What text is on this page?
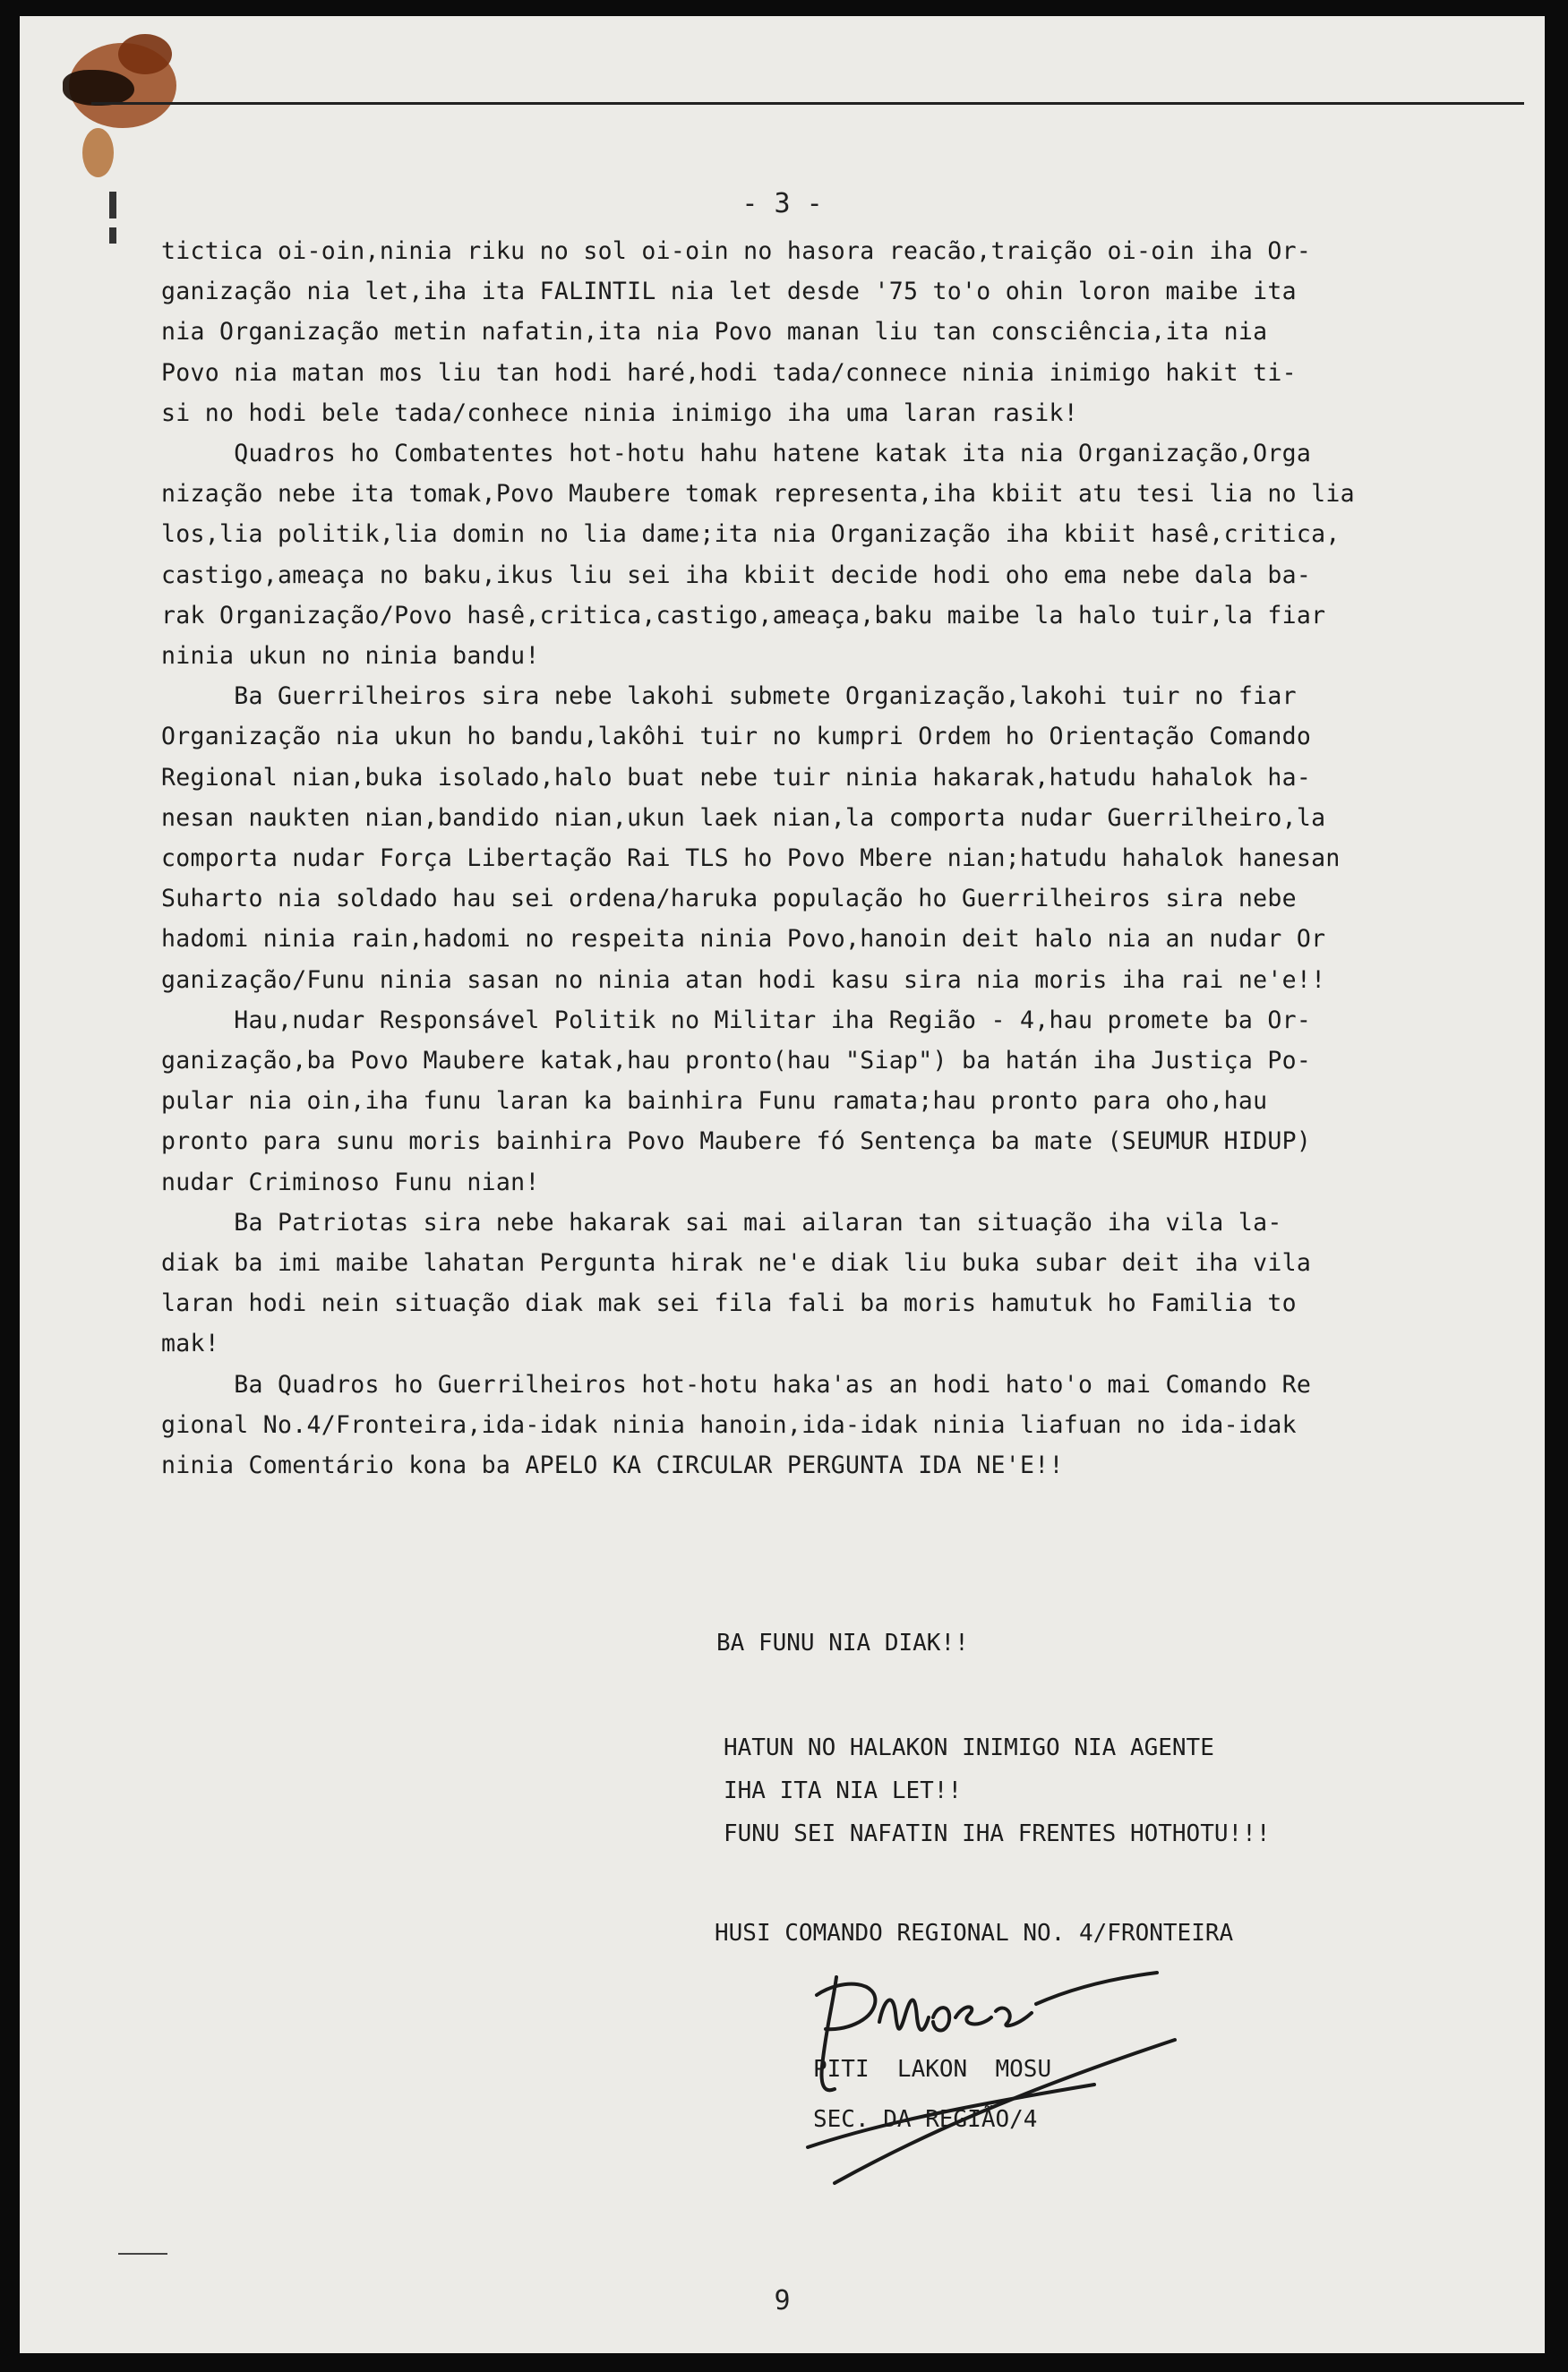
- 3 -

tictica oi-oin,ninia riku no sol oi-oin no hasora reacão,traição oi-oin iha Or-

ganização nia let,iha ita FALINTIL nia let desde '75 to'o ohin loron maibe ita

nia Organização metin nafatin,ita nia Povo manan liu tan consciência,ita nia

Povo nia matan mos liu tan hodi haré,hodi tada/connece ninia inimigo hakit ti-

si no hodi bele tada/conhece ninia inimigo iha uma laran rasik!

Quadros ho Combatentes hot-hotu hahu hatene katak ita nia Organização,Orga

nização nebe ita tomak,Povo Maubere tomak representa,iha kbiit atu tesi lia no lia

los,lia politik,lia domin no lia dame;ita nia Organização iha kbiit hasê,critica,

castigo,ameaça no baku,ikus liu sei iha kbiit decide hodi oho ema nebe dala ba-

rak Organização/Povo hasê,critica,castigo,ameaça,baku maibe la halo tuir,la fiar

ninia ukun no ninia bandu!

Ba Guerrilheiros sira nebe lakohi submete Organização,lakohi tuir no fiar

Organização nia ukun ho bandu,lakôhi tuir no kumpri Ordem ho Orientação Comando

Regional nian,buka isolado,halo buat nebe tuir ninia hakarak,hatudu hahalok ha-

nesan naukten nian,bandido nian,ukun laek nian,la comporta nudar Guerrilheiro,la

comporta nudar Força Libertação Rai TLS ho Povo Mbere nian;hatudu hahalok hanesan

Suharto nia soldado hau sei ordena/haruka população ho Guerrilheiros sira nebe

hadomi ninia rain,hadomi no respeita ninia Povo,hanoin deit halo nia an nudar Or

ganização/Funu ninia sasan no ninia atan hodi kasu sira nia moris iha rai ne'e!!

Hau,nudar Responsável Politik no Militar iha Região - 4,hau promete ba Or-

ganização,ba Povo Maubere katak,hau pronto(hau "Siap") ba hatán iha Justiça Po-

pular nia oin,iha funu laran ka bainhira Funu ramata;hau pronto para oho,hau

pronto para sunu moris bainhira Povo Maubere fó Sentença ba mate (SEUMUR HIDUP)

nudar Criminoso Funu nian!

Ba Patriotas sira nebe hakarak sai mai ailaran tan situação iha vila la-

diak ba imi maibe lahatan Pergunta hirak ne'e diak liu buka subar deit iha vila

laran hodi nein situação diak mak sei fila fali ba moris hamutuk ho Familia to

mak!

Ba Quadros ho Guerrilheiros hot-hotu haka'as an hodi hato'o mai Comando Re

gional No.4/Fronteira,ida-idak ninia hanoin,ida-idak ninia liafuan no ida-idak

ninia Comentário kona ba APELO KA CIRCULAR PERGUNTA IDA NE'E!!

BA FUNU NIA DIAK!!
HATUN NO HALAKON INIMIGO NIA AGENTE
IHA ITA NIA LET!!
FUNU SEI NAFATIN IHA FRENTES HOTHOTU!!!
HUSI COMANDO REGIONAL NO. 4/FRONTEIRA
PITI  LAKON  MOSU
SEC. DA REGIÃO/4
9
